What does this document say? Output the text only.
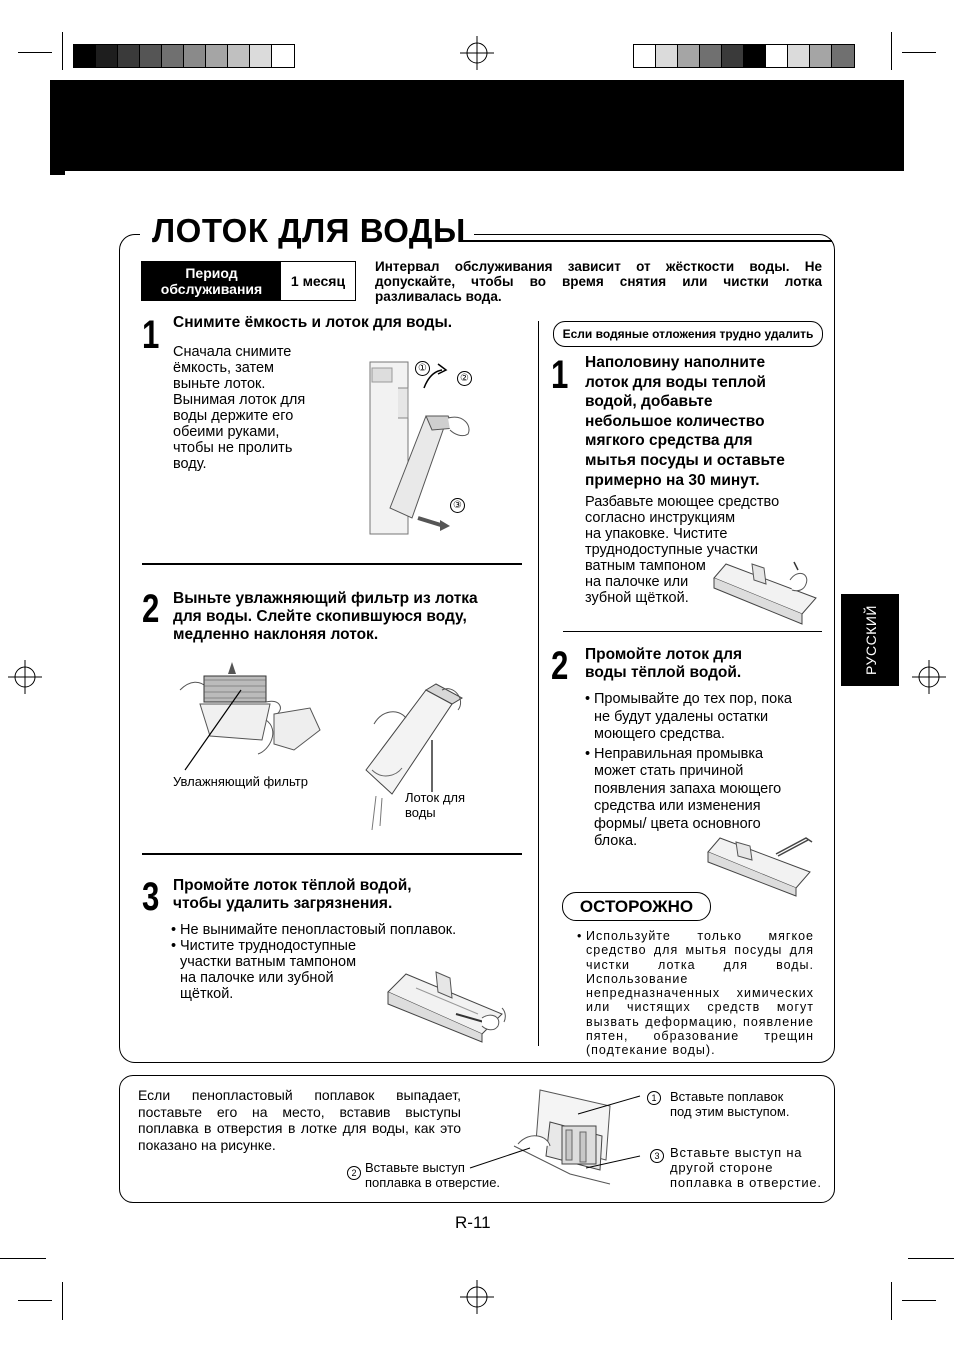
ЛОТОК ДЛЯ ВОДЫ
Период
обслуживания	1 месяц
Интервал обслуживания зависит от жёсткости воды. Не допускайте, чтобы во время снятия или чистки лотка разливалась вода.
1 Снимите ёмкость и лоток для воды.
Сначала снимите
ёмкость, затем
выньте лоток.
Вынимая лоток для
воды держите его
обеими руками,
чтобы не пролить
воду.
①
②
③
2 Выньте увлажняющий фильтр из лотка
для воды. Слейте скопившуюся воду,
медленно наклоняя лоток.
Увлажняющий фильтр
Лоток для
воды
3 Промойте лоток тёплой водой,
чтобы удалить загрязнения.
• Не вынимайте пенопластовый поплавок.
• Чистите труднодоступные
участки ватным тампоном
на палочке или зубной
щёткой.
Если водяные отложения трудно удалить
1 Наполовину наполните
лоток для воды теплой
водой, добавьте
небольшое количество
мягкого средства для
мытья посуды и оставьте
примерно на 30 минут.
Разбавьте моющее средство
согласно инструкциям
на упаковке. Чистите
труднодоступные участки
ватным тампоном
на палочке или
зубной щёткой.
2 Промойте лоток для
воды тёплой водой.
• Промывайте до тех пор, пока
не будут удалены остатки
моющего средства.
• Неправильная промывка
может стать причиной
появления запаха моющего
средства или изменения
формы/ цвета основного
блока.
ОСТОРОЖНО
• Используйте только мягкое средство для мытья посуды для чистки лотка для воды. Использование непредназначенных химических или чистящих средств могут вызвать деформацию, появление пятен, образование трещин (подтекание воды).
РУССКИЙ
Если пенопластовый поплавок выпадает, поставьте его на место, вставив выступы поплавка в отверстия в лотке для воды, как это показано на рисунке.
1	Вставьте поплавок
под этим выступом.
2 Вставьте выступ
поплавка в отверстие.
3 Вставьте выступ на
другой стороне
поплавка в отверстие.
R-11
